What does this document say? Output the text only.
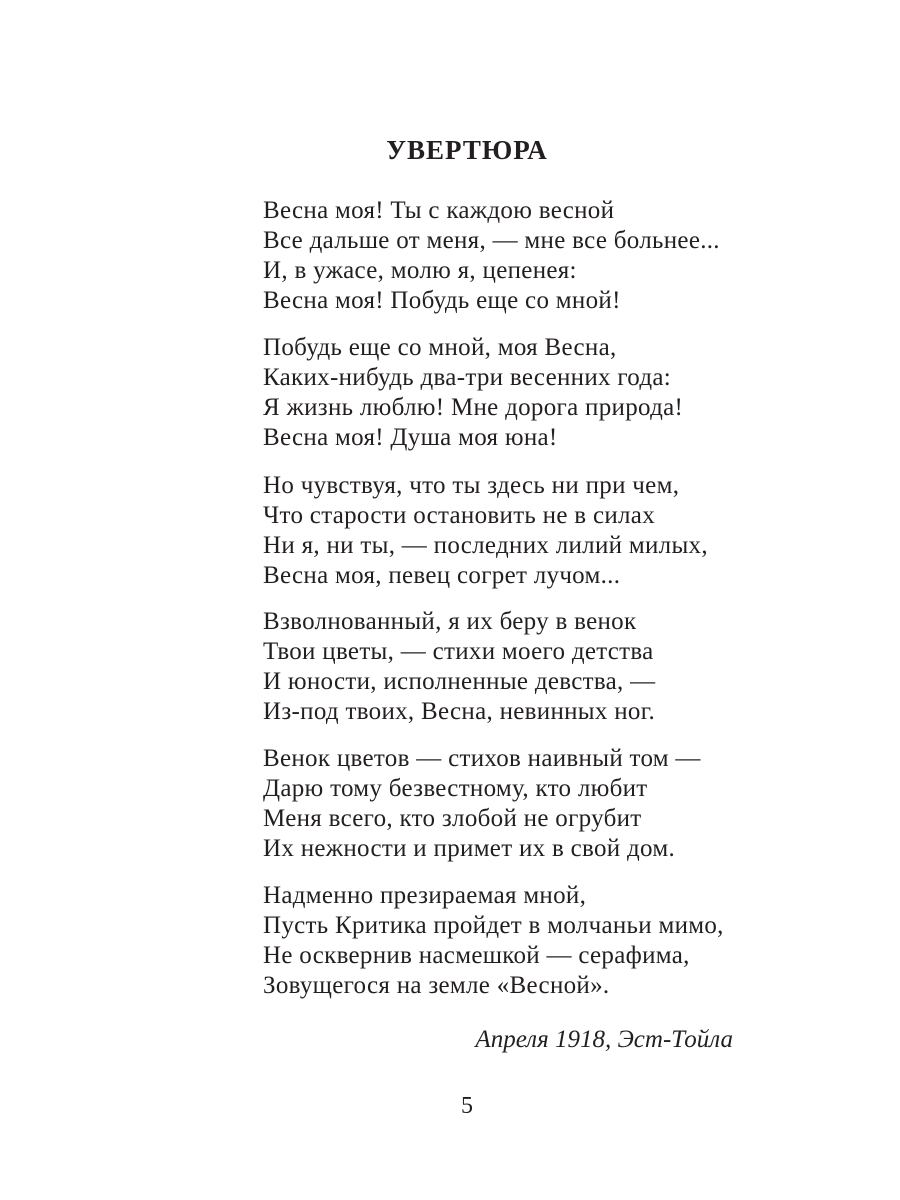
УВЕРТЮРА
Весна моя! Ты с каждою весной
Все дальше от меня, — мне все больнее...
И, в ужасе, молю я, цепенея:
Весна моя! Побудь еще со мной!
Побудь еще со мной, моя Весна,
Каких-нибудь два-три весенних года:
Я жизнь люблю! Мне дорога природа!
Весна моя! Душа моя юна!
Но чувствуя, что ты здесь ни при чем,
Что старости остановить не в силах
Ни я, ни ты, — последних лилий милых,
Весна моя, певец согрет лучом...
Взволнованный, я их беру в венок
Твои цветы, — стихи моего детства
И юности, исполненные девства, —
Из-под твоих, Весна, невинных ног.
Венок цветов — стихов наивный том —
Дарю тому безвестному, кто любит
Меня всего, кто злобой не огрубит
Их нежности и примет их в свой дом.
Надменно презираемая мной,
Пусть Критика пройдет в молчаньи мимо,
Не осквернив насмешкой — серафима,
Зовущегося на земле «Весной».
Апреля 1918, Эст-Тойла
5
